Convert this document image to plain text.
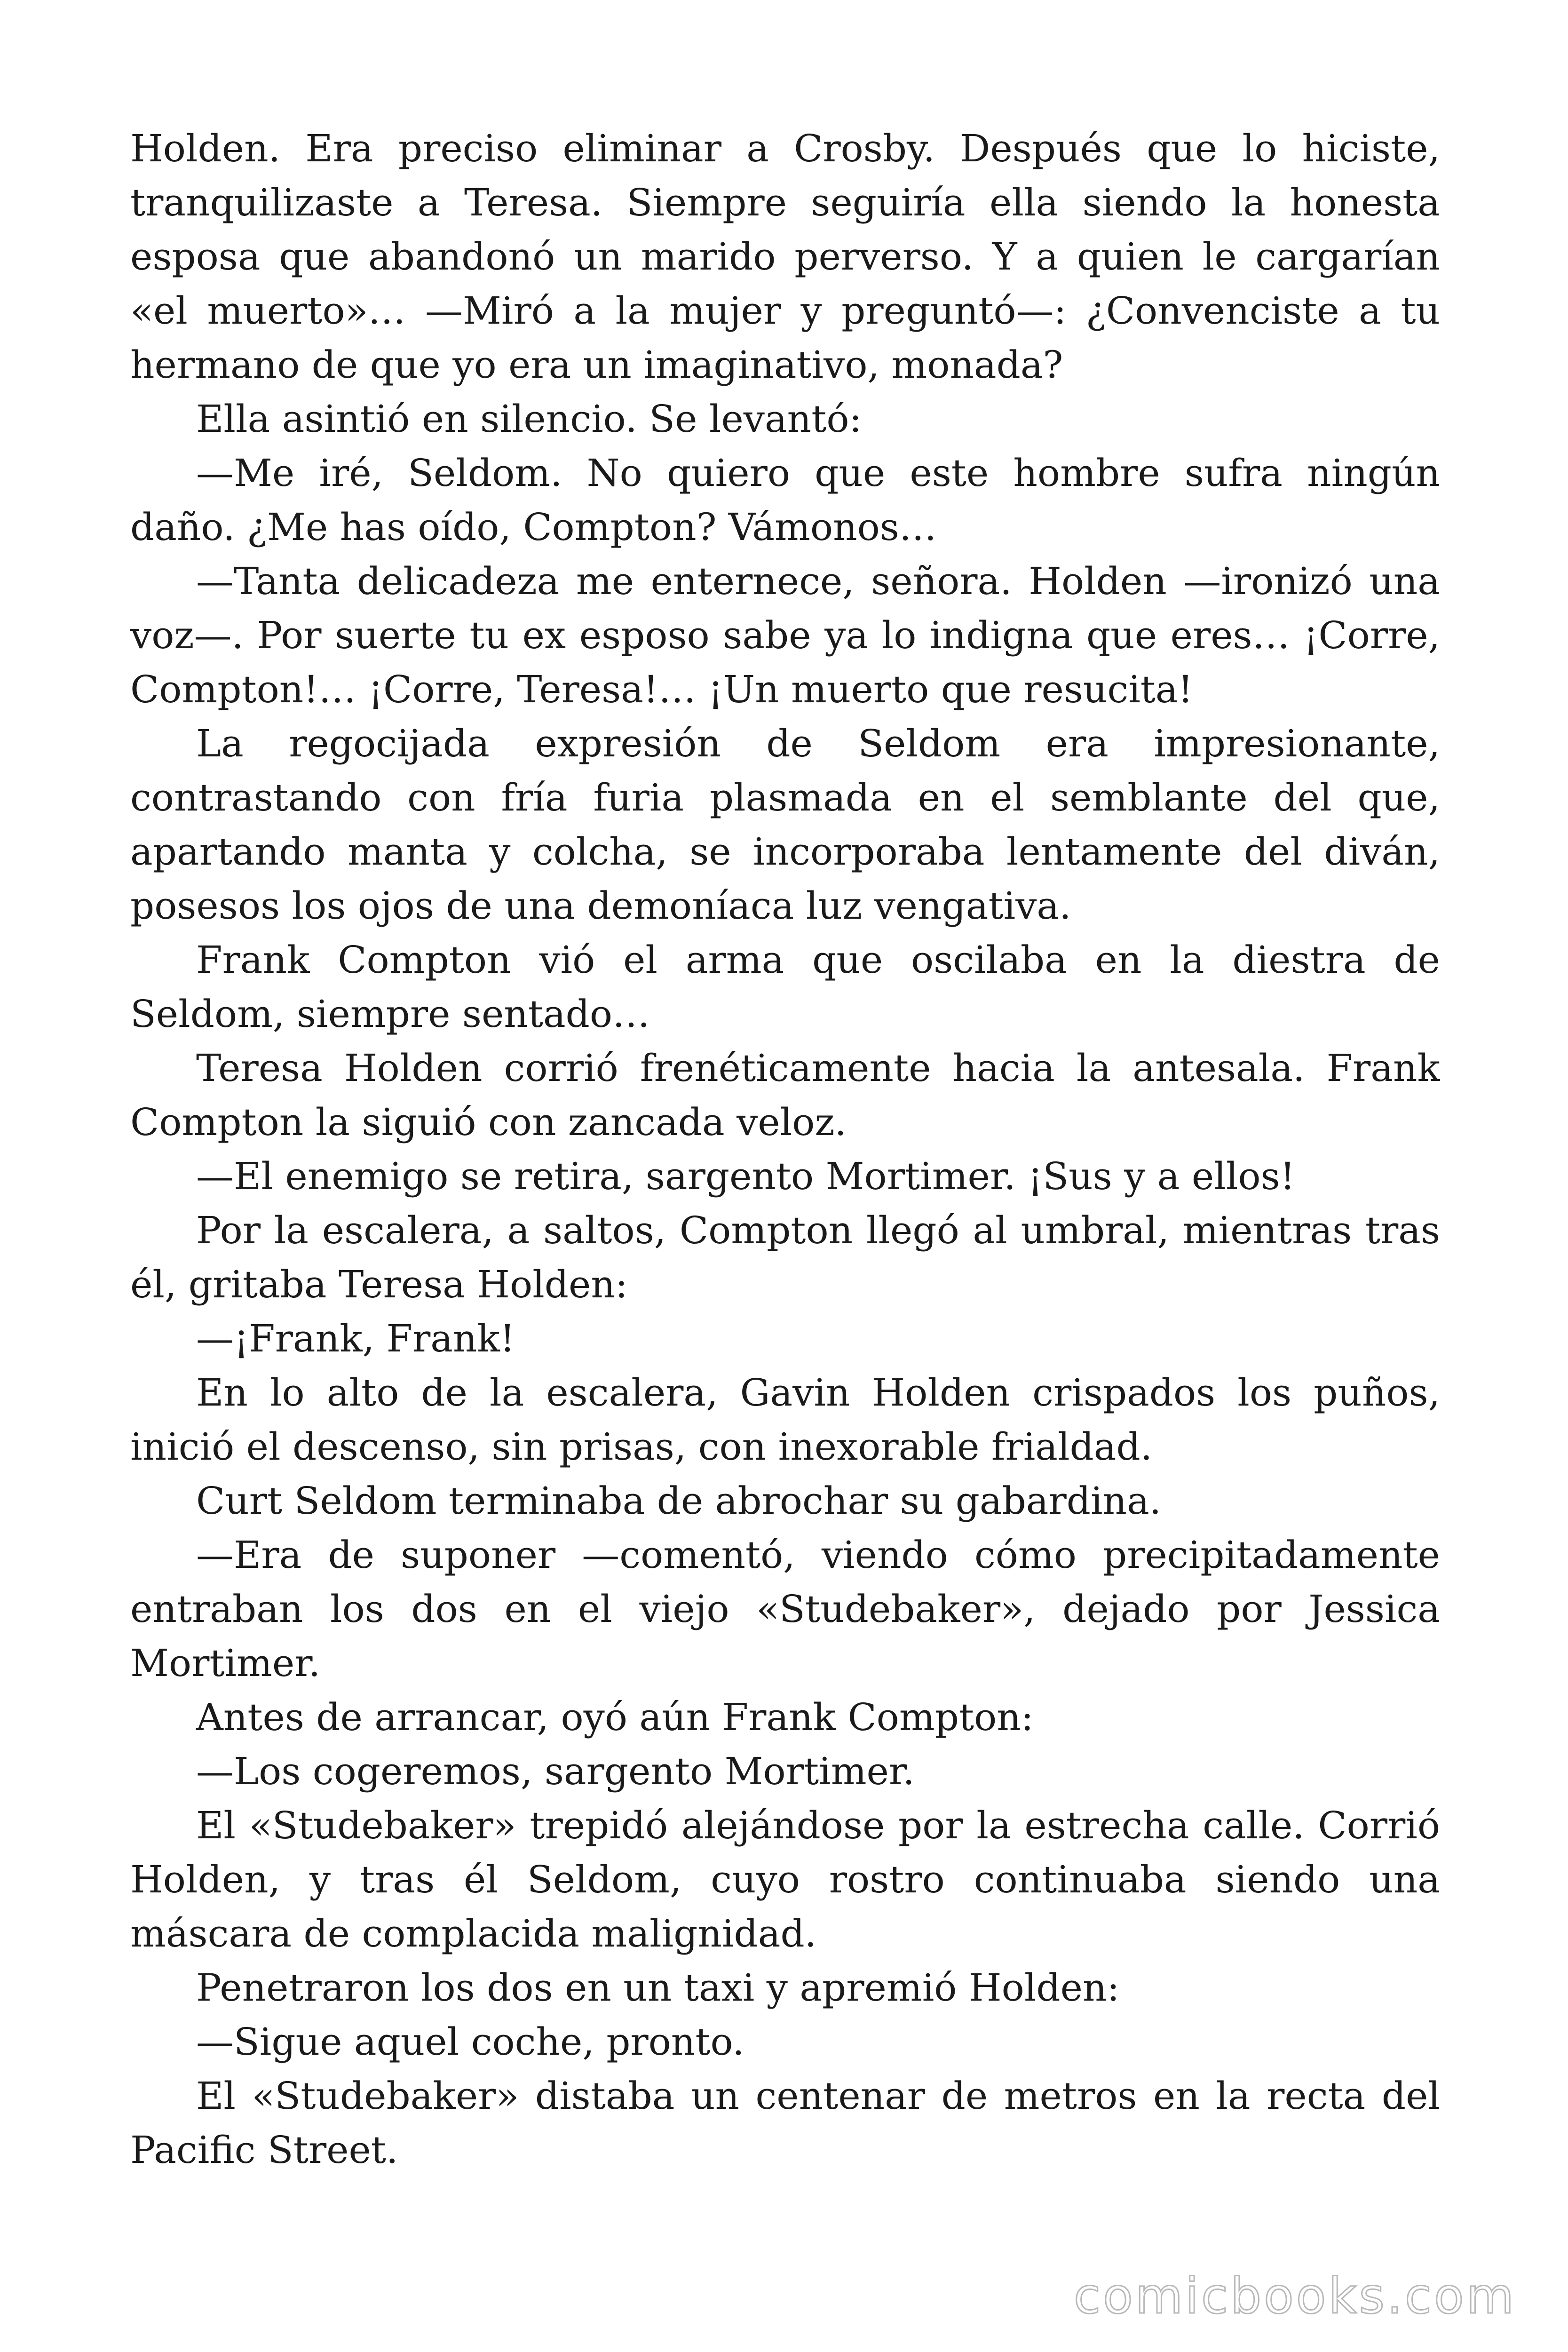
Holden. Era preciso eliminar a Crosby. Después que lo hiciste, tranquilizaste a Teresa. Siempre seguiría ella siendo la honesta esposa que abandonó un marido perverso. Y a quien le cargarían «el muerto»… —Miró a la mujer y preguntó—: ¿Convenciste a tu hermano de que yo era un imaginativo, monada?

Ella asintió en silencio. Se levantó:

—Me iré, Seldom. No quiero que este hombre sufra ningún daño. ¿Me has oído, Compton? Vámonos…

—Tanta delicadeza me enternece, señora. Holden —ironizó una voz—. Por suerte tu ex esposo sabe ya lo indigna que eres… ¡Corre, Compton!… ¡Corre, Teresa!… ¡Un muerto que resucita!

La regocijada expresión de Seldom era impresionante, contrastando con fría furia plasmada en el semblante del que, apartando manta y colcha, se incorporaba lentamente del diván, posesos los ojos de una demoníaca luz vengativa.

Frank Compton vió el arma que oscilaba en la diestra de Seldom, siempre sentado…

Teresa Holden corrió frenéticamente hacia la antesala. Frank Compton la siguió con zancada veloz.

—El enemigo se retira, sargento Mortimer. ¡Sus y a ellos!

Por la escalera, a saltos, Compton llegó al umbral, mientras tras él, gritaba Teresa Holden:

—¡Frank, Frank!

En lo alto de la escalera, Gavin Holden crispados los puños, inició el descenso, sin prisas, con inexorable frialdad.

Curt Seldom terminaba de abrochar su gabardina.

—Era de suponer —comentó, viendo cómo precipitadamente entraban los dos en el viejo «Studebaker», dejado por Jessica Mortimer.

Antes de arrancar, oyó aún Frank Compton:

—Los cogeremos, sargento Mortimer.

El «Studebaker» trepidó alejándose por la estrecha calle. Corrió Holden, y tras él Seldom, cuyo rostro continuaba siendo una máscara de complacida malignidad.

Penetraron los dos en un taxi y apremió Holden:

—Sigue aquel coche, pronto.

El «Studebaker» distaba un centenar de metros en la recta del Pacific Street.

comicbooks.com
